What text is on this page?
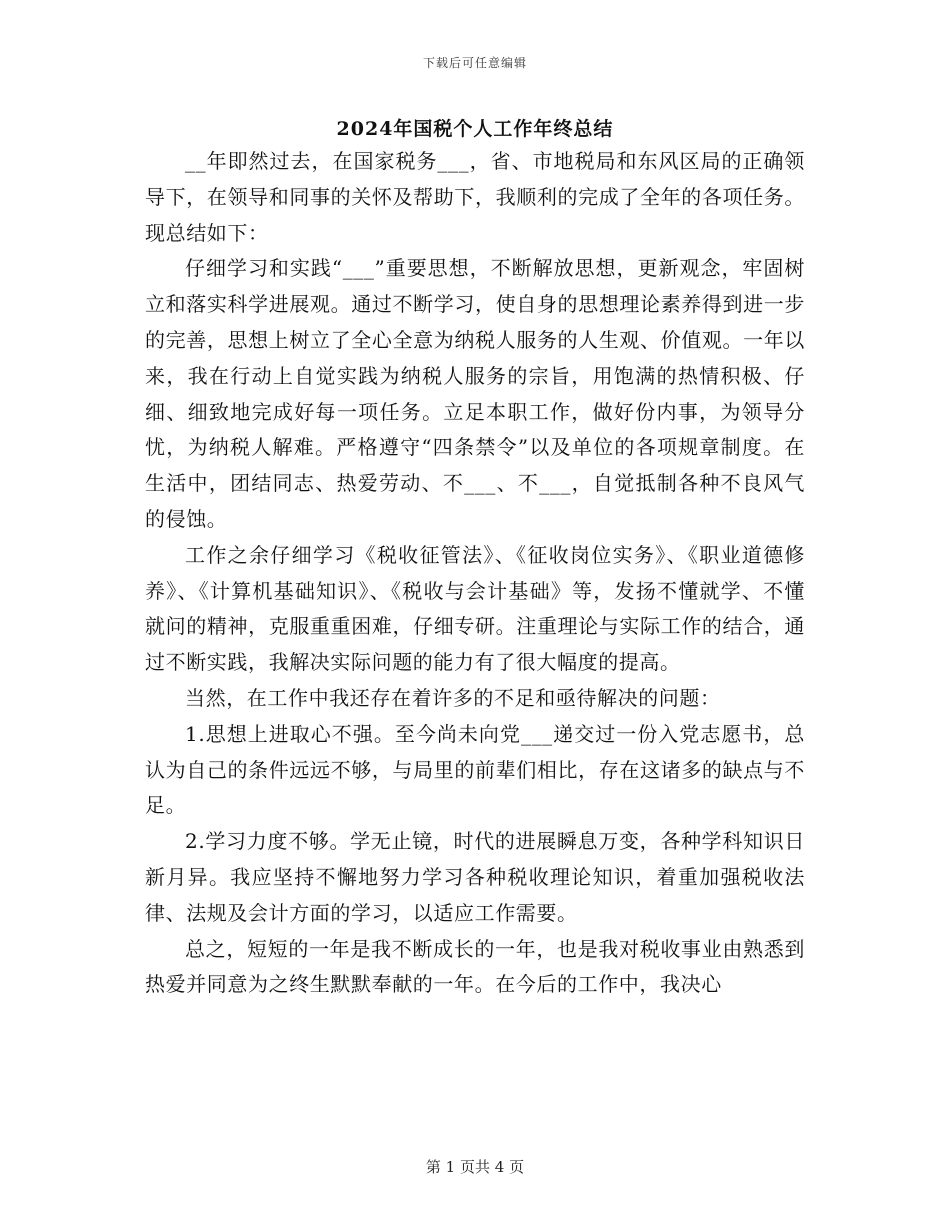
下载后可任意编辑
2024年国税个人工作年终总结

__年即然过去，在国家税务___，省、市地税局和东风区局的正确领导下，在领导和同事的关怀及帮助下，我顺利的完成了全年的各项任务。现总结如下：

仔细学习和实践“___”重要思想，不断解放思想，更新观念，牢固树立和落实科学进展观。通过不断学习，使自身的思想理论素养得到进一步的完善，思想上树立了全心全意为纳税人服务的人生观、价值观。一年以来，我在行动上自觉实践为纳税人服务的宗旨，用饱满的热情积极、仔细、细致地完成好每一项任务。立足本职工作，做好份内事，为领导分忧，为纳税人解难。严格遵守“四条禁令”以及单位的各项规章制度。在生活中，团结同志、热爱劳动、不___、不___，自觉抵制各种不良风气的侵蚀。

工作之余仔细学习《税收征管法》、《征收岗位实务》、《职业道德修养》、《计算机基础知识》、《税收与会计基础》等，发扬不懂就学、不懂就问的精神，克服重重困难，仔细专研。注重理论与实际工作的结合，通过不断实践，我解决实际问题的能力有了很大幅度的提高。

当然，在工作中我还存在着许多的不足和亟待解决的问题：

1.思想上进取心不强。至今尚未向党___递交过一份入党志愿书，总认为自己的条件远远不够，与局里的前辈们相比，存在这诸多的缺点与不足。

2.学习力度不够。学无止镜，时代的进展瞬息万变，各种学科知识日新月异。我应坚持不懈地努力学习各种税收理论知识，着重加强税收法律、法规及会计方面的学习，以适应工作需要。

总之，短短的一年是我不断成长的一年，也是我对税收事业由熟悉到热爱并同意为之终生默默奉献的一年。在今后的工作中，我决心

第 1 页共 4 页
